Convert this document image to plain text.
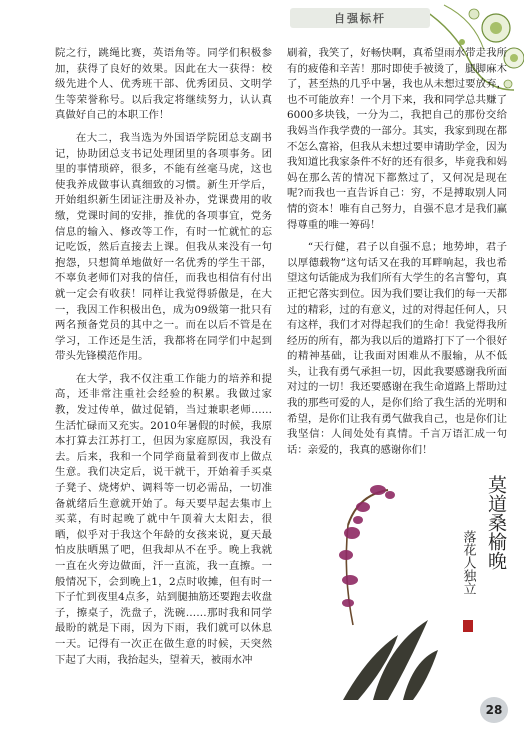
自强标杆

院之行，跳绳比赛，英语角等。同学们积极参加，获得了良好的效果。因此在大一获得：校级先进个人、优秀班干部、优秀团员、文明学生等荣誉称号。以后我定将继续努力，认认真真做好自己的本职工作！

在大二，我当选为外国语学院团总支副书记，协助团总支书记处理团里的各项事务。团里的事情琐碎，很多，不能有丝毫马虎，这也使我养成做事认真细致的习惯。新生开学后，开始组织新生团证注册及补办，党课费用的收缴，党课时间的安排，推优的各项事宜，党务信息的输入、修改等工作，有时一忙就忙的忘记吃饭，然后直接去上课。但我从来没有一句抱怨，只想简单地做好一名优秀的学生干部，不辜负老师们对我的信任，而我也相信有付出就一定会有收获！同样让我觉得骄傲是，在大一，我因工作积极出色，成为09级第一批只有两名预备党员的其中之一。而在以后不管是在学习，工作还是生活，我都将在同学们中起到带头先锋模范作用。

在大学，我不仅注重工作能力的培养和提高，还非常注重社会经验的积累。我做过家教，发过传单，做过促销，当过兼职老师……生活忙碌而又充实。2010年暑假的时候，我原本打算去江苏打工，但因为家庭原因，我没有去。后来，我和一个同学商量着到夜市上做点生意。我们决定后，说干就干，开始着手买桌子凳子、烧烤炉、调料等一切必需品，一切准备就绪后生意就开始了。每天要早起去集市上买菜，有时起晚了就中午顶着大太阳去，很晒，似乎对于我这个年龄的女孩来说，夏天最怕皮肤晒黑了吧，但我却从不在乎。晚上我就一直在火旁边做面，汗一直流，我一直擦。一般情况下，会到晚上1，2点时收摊，但有时一下子忙到夜里4点多，站到腿抽筋还要跑去收盘子，擦桌子，洗盘子，洗碗……那时我和同学最盼的就是下雨，因为下雨，我们就可以休息一天。记得有一次正在做生意的时候，天突然下起了大雨，我抬起头，望着天，被雨水冲

刷着，我笑了，好畅快啊，真希望雨水带走我所有的疲倦和辛苦！那时即使手被烫了，腿脚麻木了，甚至热的几乎中暑，我也从未想过要放弃，也不可能放弃！一个月下来，我和同学总共赚了6000多块钱，一分为二，我把自己的那份交给我妈当作我学费的一部分。其实，我家到现在都不怎么富裕，但我从未想过要申请助学金，因为我知道比我家条件不好的还有很多，毕竟我和妈妈在那么苦的情况下都熬过了，又何况是现在呢?而我也一直告诉自己：穷，不是搏取别人同情的资本！唯有自己努力，自强不息才是我们赢得尊重的唯一筹码！

“天行健，君子以自强不息；地势坤，君子以厚德载物”这句话又在我的耳畔响起，我也希望这句话能成为我们所有大学生的名言警句，真正把它落实到位。因为我们要让我们的每一天都过的精彩，过的有意义，过的对得起任何人，只有这样，我们才对得起我们的生命！我觉得我所经历的所有，都为我以后的道路打下了一个很好的精神基础，让我面对困难从不服输，从不低头，让我有勇气承担一切，因此我要感谢我所面对过的一切！我还要感谢在我生命道路上帮助过我的那些可爱的人，是你们给了我生活的光明和希望，是你们让我有勇气做我自己，也是你们让我坚信：人间处处有真情。千言万语汇成一句话：亲爱的，我真的感谢你们！

莫道桑榆晚
落花人独立
28
